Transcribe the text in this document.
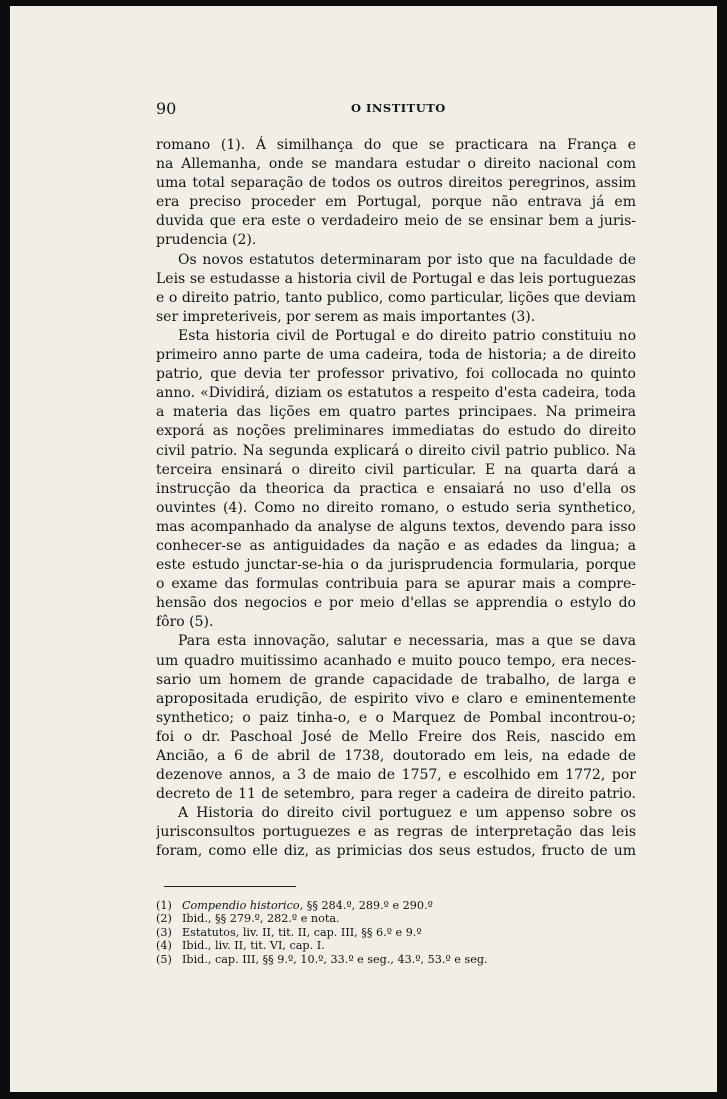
90	O INSTITUTO
romano (1). Á similhança do que se practicara na França e
na Allemanha, onde se mandara estudar o direito nacional com
uma total separação de todos os outros direitos peregrinos, assim
era preciso proceder em Portugal, porque não entrava já em
duvida que era este o verdadeiro meio de se ensinar bem a juris-
prudencia (2).
Os novos estatutos determinaram por isto que na faculdade de
Leis se estudasse a historia civil de Portugal e das leis portuguezas
e o direito patrio, tanto publico, como particular, lições que deviam
ser impreteriveis, por serem as mais importantes (3).
Esta historia civil de Portugal e do direito patrio constituiu no
primeiro anno parte de uma cadeira, toda de historia; a de direito
patrio, que devia ter professor privativo, foi collocada no quinto
anno. «Dividirá, diziam os estatutos a respeito d'esta cadeira, toda
a materia das lições em quatro partes principaes. Na primeira
exporá as noções preliminares immediatas do estudo do direito
civil patrio. Na segunda explicará o direito civil patrio publico. Na
terceira ensinará o direito civil particular. E na quarta dará a
instrucção da theorica da practica e ensaiará no uso d'ella os
ouvintes (4). Como no direito romano, o estudo seria synthetico,
mas acompanhado da analyse de alguns textos, devendo para isso
conhecer-se as antiguidades da nação e as edades da lingua; a
este estudo junctar-se-hia o da jurisprudencia formularia, porque
o exame das formulas contribuia para se apurar mais a compre-
hensão dos negocios e por meio d'ellas se apprendia o estylo do
fôro (5).
Para esta innovação, salutar e necessaria, mas a que se dava
um quadro muitissimo acanhado e muito pouco tempo, era neces-
sario um homem de grande capacidade de trabalho, de larga e
apropositada erudição, de espirito vivo e claro e eminentemente
synthetico; o paiz tinha-o, e o Marquez de Pombal incontrou-o;
foi o dr. Paschoal José de Mello Freire dos Reis, nascido em
Ancião, a 6 de abril de 1738, doutorado em leis, na edade de
dezenove annos, a 3 de maio de 1757, e escolhido em 1772, por
decreto de 11 de setembro, para reger a cadeira de direito patrio.
A Historia do direito civil portuguez e um appenso sobre os
jurisconsultos portuguezes e as regras de interpretação das leis
foram, como elle diz, as primicias dos seus estudos, fructo de um
(1) Compendio historico, §§ 284.º, 289.º e 290.º
(2) Ibid., §§ 279.º, 282.º e nota.
(3) Estatutos, liv. II, tit. II, cap. III, §§ 6.º e 9.º
(4) Ibid., liv. II, tit. VI, cap. I.
(5) Ibid., cap. III, §§ 9.º, 10.º, 33.º e seg., 43.º, 53.º e seg.
